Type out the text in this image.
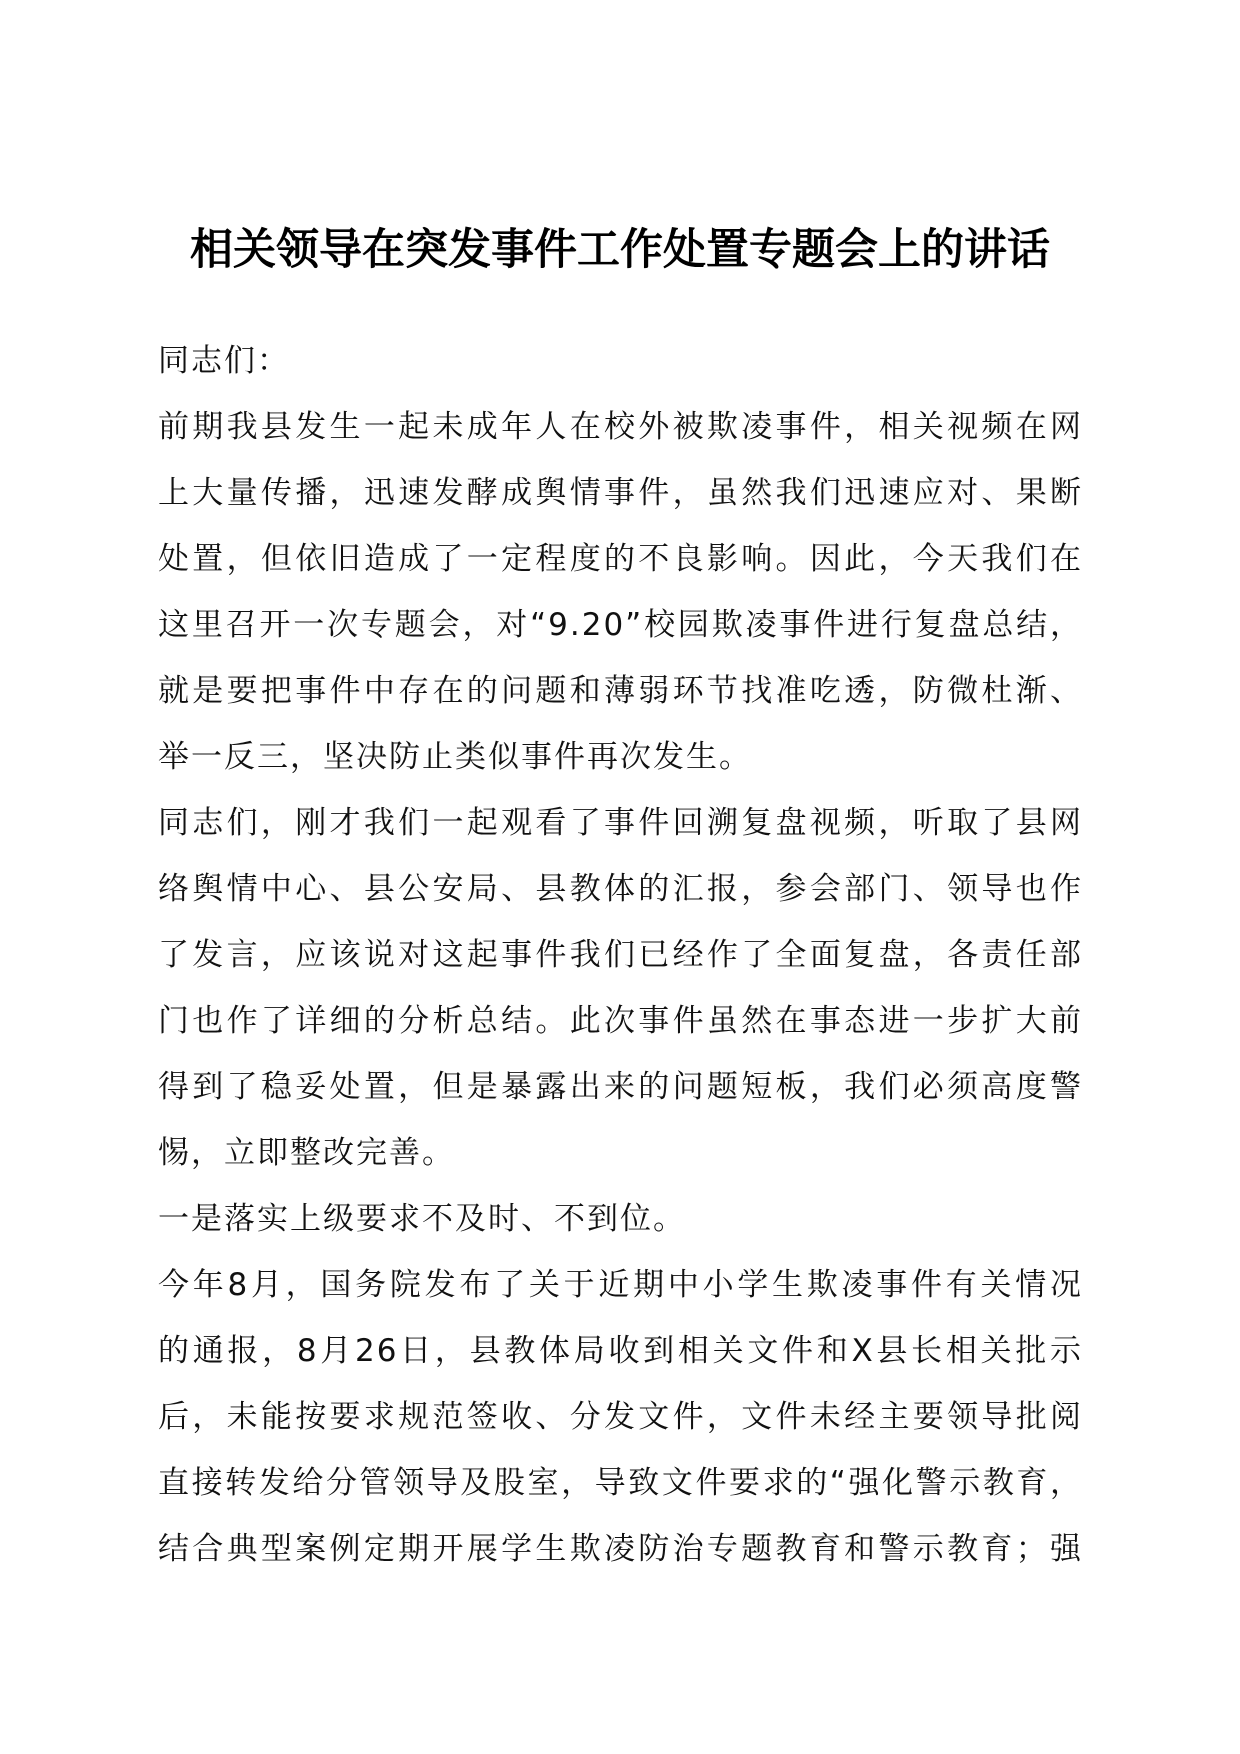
相关领导在突发事件工作处置专题会上的讲话
同志们：
前期我县发生一起未成年人在校外被欺凌事件，相关视频在网
上大量传播，迅速发酵成舆情事件，虽然我们迅速应对、果断
处置，但依旧造成了一定程度的不良影响。因此，今天我们在
这里召开一次专题会，对“9.20”校园欺凌事件进行复盘总结，
就是要把事件中存在的问题和薄弱环节找准吃透，防微杜渐、
举一反三，坚决防止类似事件再次发生。
同志们，刚才我们一起观看了事件回溯复盘视频，听取了县网
络舆情中心、县公安局、县教体的汇报，参会部门、领导也作
了发言，应该说对这起事件我们已经作了全面复盘，各责任部
门也作了详细的分析总结。此次事件虽然在事态进一步扩大前
得到了稳妥处置，但是暴露出来的问题短板，我们必须高度警
惕，立即整改完善。
一是落实上级要求不及时、不到位。
今年8月，国务院发布了关于近期中小学生欺凌事件有关情况
的通报，8月26日，县教体局收到相关文件和X县长相关批示
后，未能按要求规范签收、分发文件，文件未经主要领导批阅
直接转发给分管领导及股室，导致文件要求的“强化警示教育，
结合典型案例定期开展学生欺凌防治专题教育和警示教育；强
